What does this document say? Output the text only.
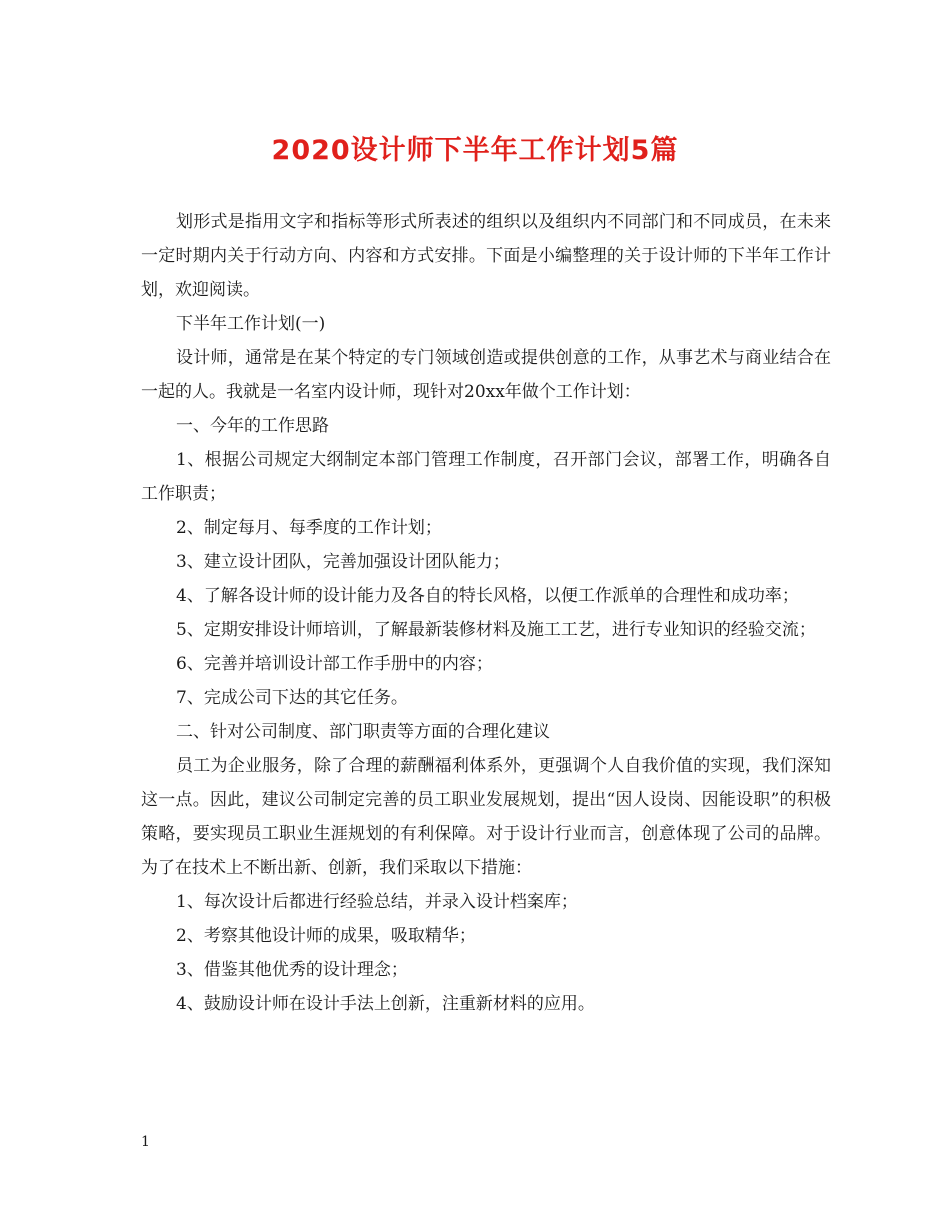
2020设计师下半年工作计划5篇

划形式是指用文字和指标等形式所表述的组织以及组织内不同部门和不同成员，在未来一定时期内关于行动方向、内容和方式安排。下面是小编整理的关于设计师的下半年工作计划，欢迎阅读。

下半年工作计划(一)

设计师，通常是在某个特定的专门领域创造或提供创意的工作，从事艺术与商业结合在一起的人。我就是一名室内设计师，现针对20xx年做个工作计划：

一、今年的工作思路

1、根据公司规定大纲制定本部门管理工作制度，召开部门会议，部署工作，明确各自工作职责；

2、制定每月、每季度的工作计划；

3、建立设计团队，完善加强设计团队能力；

4、了解各设计师的设计能力及各自的特长风格，以便工作派单的合理性和成功率；

5、定期安排设计师培训，了解最新装修材料及施工工艺，进行专业知识的经验交流；

6、完善并培训设计部工作手册中的内容；

7、完成公司下达的其它任务。

二、针对公司制度、部门职责等方面的合理化建议

员工为企业服务，除了合理的薪酬福利体系外，更强调个人自我价值的实现，我们深知这一点。因此，建议公司制定完善的员工职业发展规划，提出“因人设岗、因能设职”的积极策略，要实现员工职业生涯规划的有利保障。对于设计行业而言，创意体现了公司的品牌。为了在技术上不断出新、创新，我们采取以下措施：

1、每次设计后都进行经验总结，并录入设计档案库；

2、考察其他设计师的成果，吸取精华；

3、借鉴其他优秀的设计理念；

4、鼓励设计师在设计手法上创新，注重新材料的应用。

1
